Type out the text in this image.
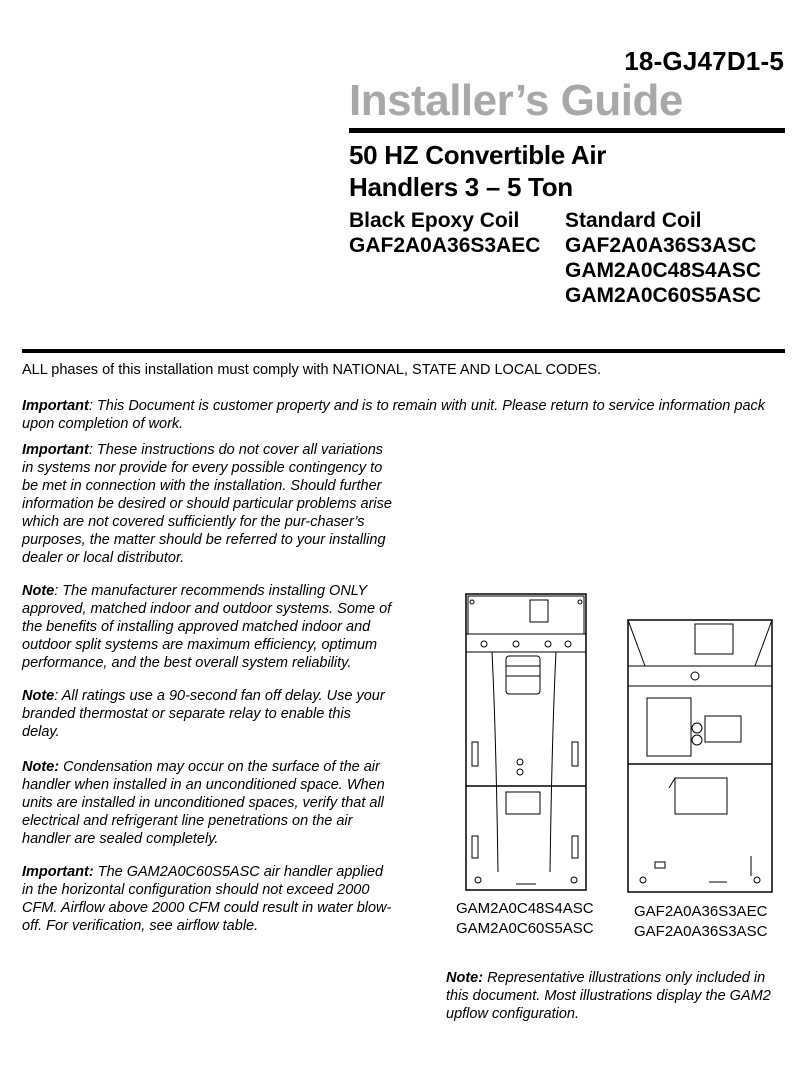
18-GJ47D1-5
Installer’s Guide
50 HZ Convertible Air
Handlers 3 – 5 Ton
Black Epoxy Coil
GAF2A0A36S3AEC
Standard Coil
GAF2A0A36S3ASC
GAM2A0C48S4ASC
GAM2A0C60S5ASC
ALL phases of this installation must comply with NATIONAL, STATE AND LOCAL CODES.
Important: This Document is customer property and is to remain with unit. Please return to service information pack upon completion of work.
Important: These instructions do not cover all variations in systems nor provide for every possible contingency to be met in connection with the installation. Should further information be desired or should particular problems arise which are not covered sufficiently for the pur-chaser’s purposes, the matter should be referred to your installing dealer or local distributor.
Note: The manufacturer recommends installing ONLY approved, matched indoor and outdoor systems. Some of the benefits of installing approved matched indoor and outdoor split systems are maximum efficiency, optimum performance, and the best overall system reliability.
Note: All ratings use a 90-second fan off delay. Use your branded thermostat or separate relay to enable this delay.
Note: Condensation may occur on the surface of the air handler when installed in an unconditioned space. When units are installed in unconditioned spaces, verify that all electrical and refrigerant line penetrations on the air handler are sealed completely.
Important: The GAM2A0C60S5ASC air handler applied in the horizontal configuration should not exceed 2000 CFM. Airflow above 2000 CFM could result in water blow-off. For verification, see airflow table.
GAM2A0C48S4ASC
GAM2A0C60S5ASC
GAF2A0A36S3AEC
GAF2A0A36S3ASC
Note: Representative illustrations only included in this document. Most illustrations display the GAM2 upflow configuration.
